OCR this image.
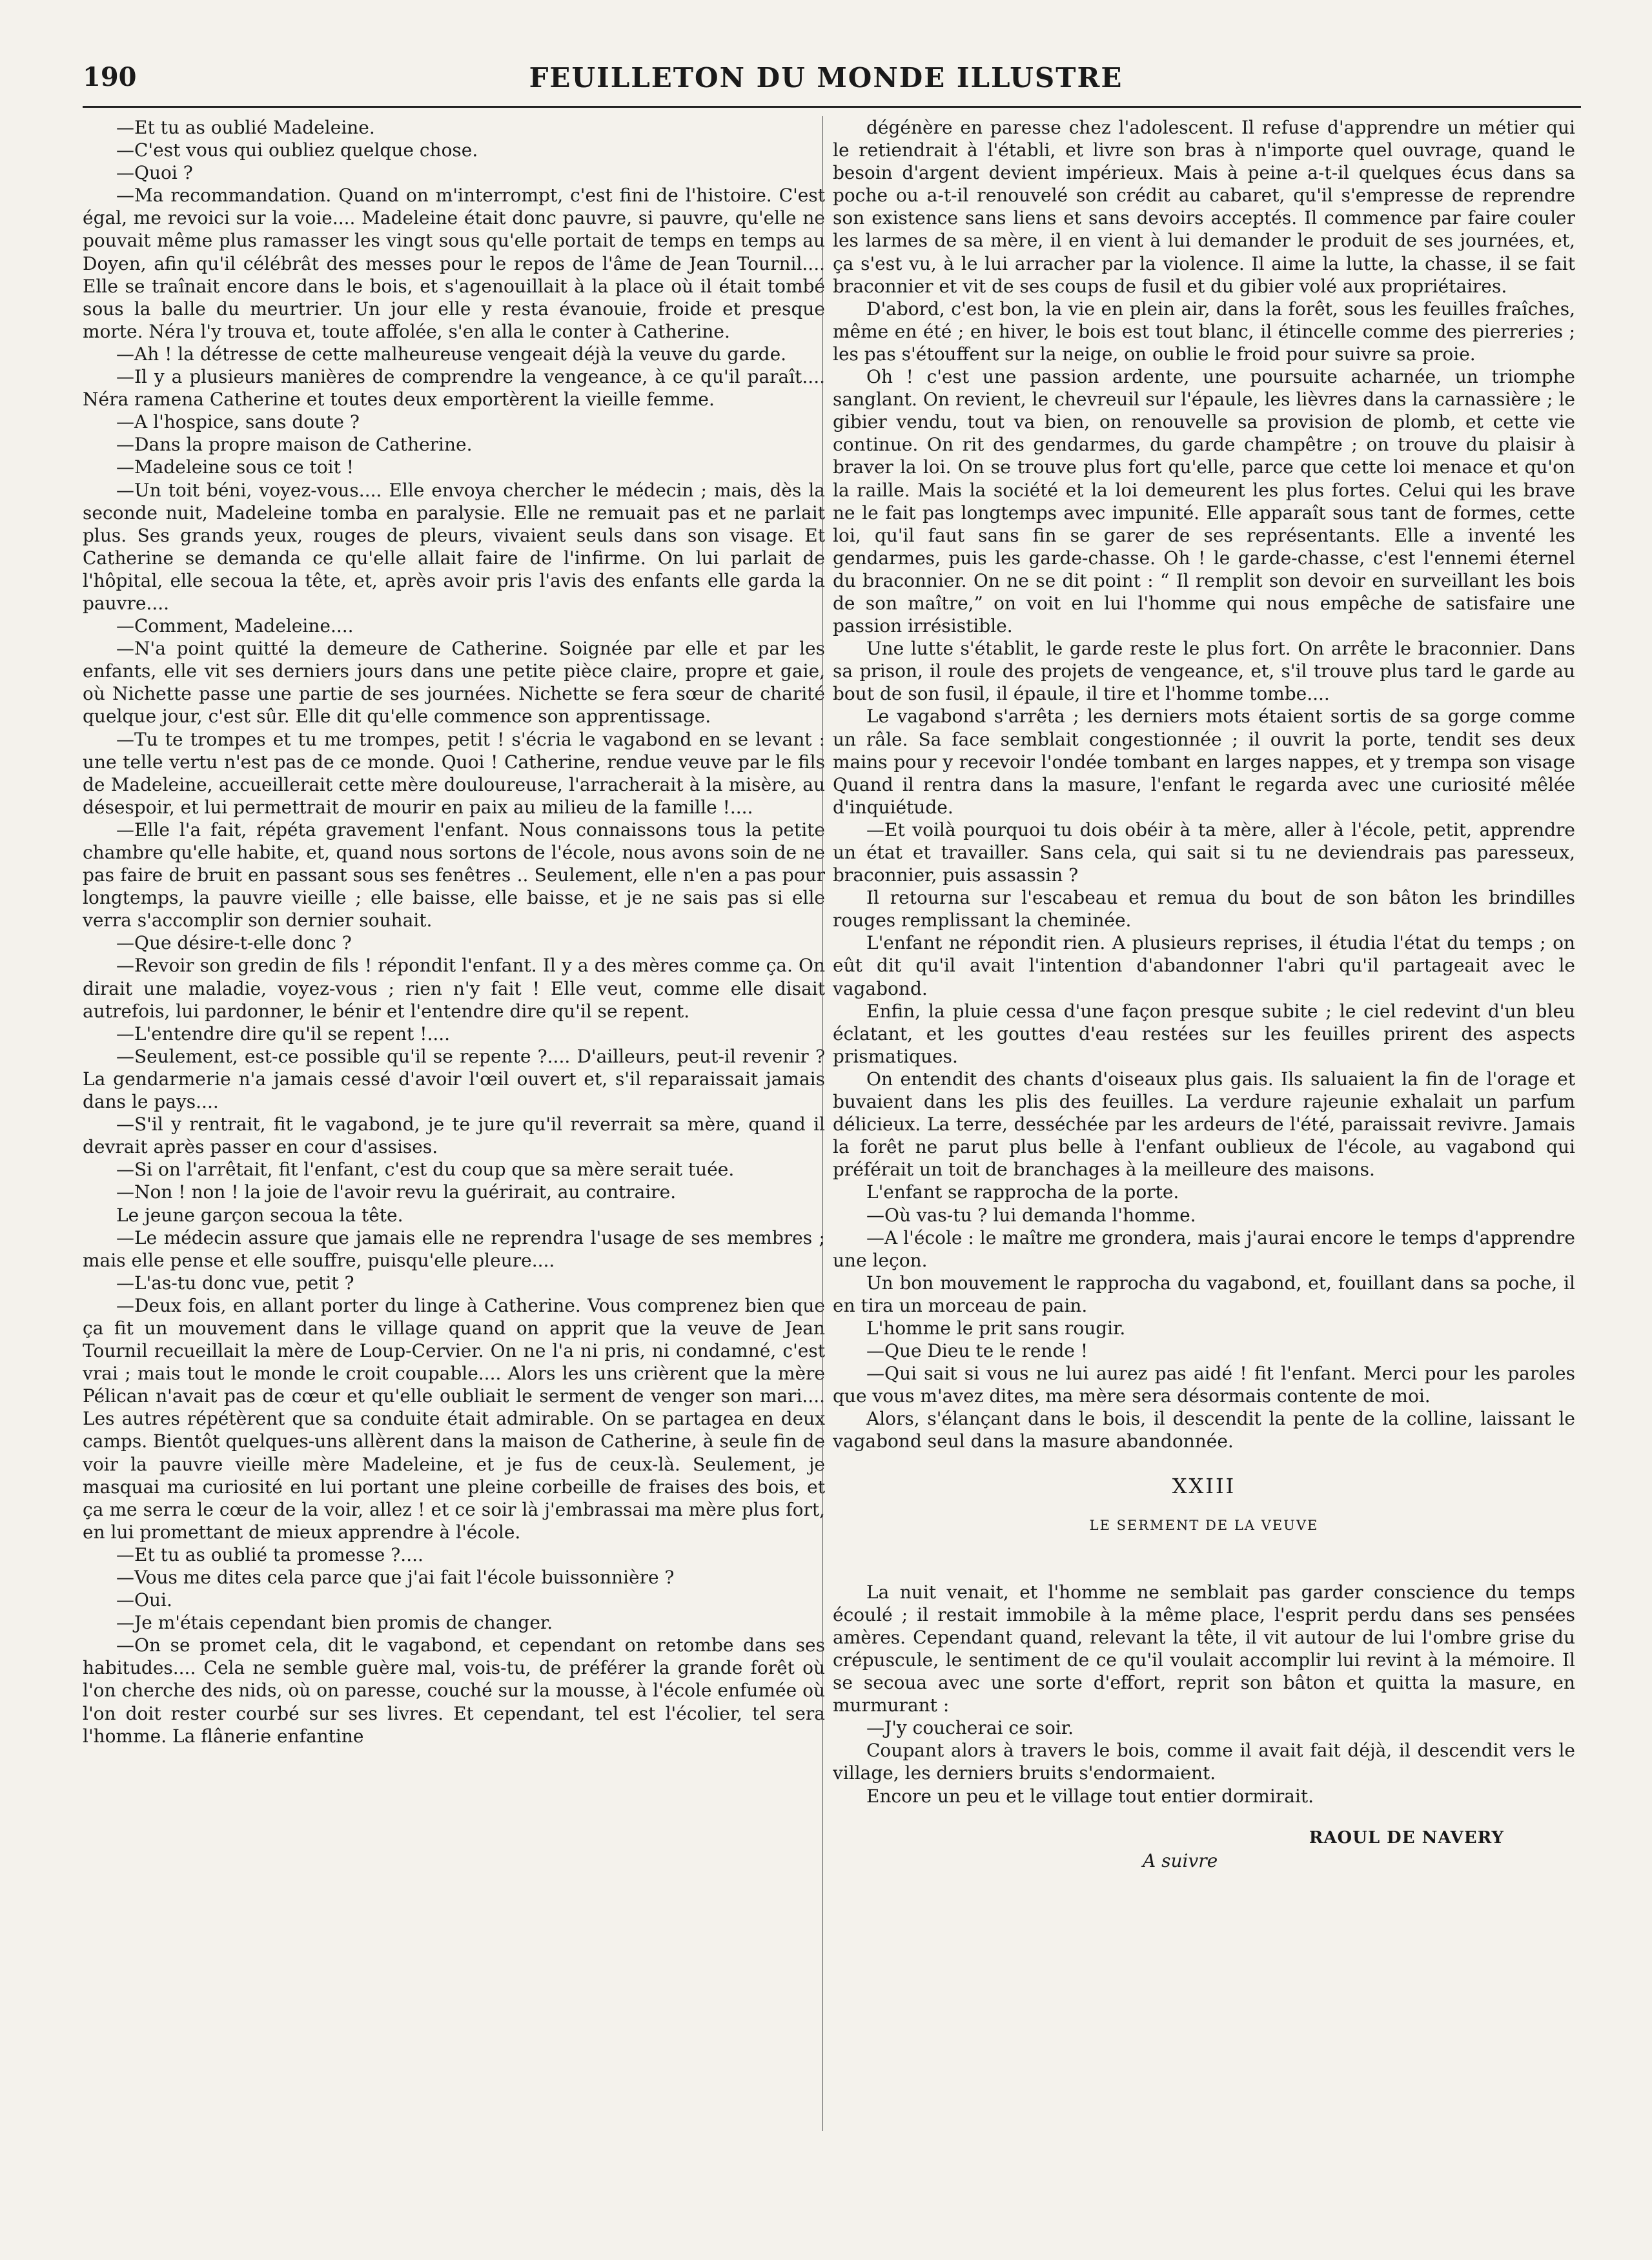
190	FEUILLETON DU MONDE ILLUSTRE

—Et tu as oublié Madeleine.

—C'est vous qui oubliez quelque chose.

—Quoi ?

—Ma recommandation. Quand on m'interrompt, c'est fini de l'histoire. C'est égal, me revoici sur la voie.... Madeleine était donc pauvre, si pauvre, qu'elle ne pouvait même plus ramasser les vingt sous qu'elle portait de temps en temps au Doyen, afin qu'il célébrât des messes pour le repos de l'âme de Jean Tournil.... Elle se traînait encore dans le bois, et s'agenouillait à la place où il était tombé sous la balle du meurtrier. Un jour elle y resta évanouie, froide et presque morte. Néra l'y trouva et, toute affolée, s'en alla le conter à Catherine.

—Ah ! la détresse de cette malheureuse vengeait déjà la veuve du garde.

—Il y a plusieurs manières de comprendre la vengeance, à ce qu'il paraît.... Néra ramena Catherine et toutes deux emportèrent la vieille femme.

—A l'hospice, sans doute ?

—Dans la propre maison de Catherine.

—Madeleine sous ce toit !

—Un toit béni, voyez-vous.... Elle envoya chercher le médecin ; mais, dès la seconde nuit, Madeleine tomba en paralysie. Elle ne remuait pas et ne parlait plus. Ses grands yeux, rouges de pleurs, vivaient seuls dans son visage. Et Catherine se demanda ce qu'elle allait faire de l'infirme. On lui parlait de l'hôpital, elle secoua la tête, et, après avoir pris l'avis des enfants elle garda la pauvre....

—Comment, Madeleine....

—N'a point quitté la demeure de Catherine. Soignée par elle et par les enfants, elle vit ses derniers jours dans une petite pièce claire, propre et gaie, où Nichette passe une partie de ses journées. Nichette se fera sœur de charité quelque jour, c'est sûr. Elle dit qu'elle commence son apprentissage.

—Tu te trompes et tu me trompes, petit ! s'écria le vagabond en se levant : une telle vertu n'est pas de ce monde. Quoi ! Catherine, rendue veuve par le fils de Madeleine, accueillerait cette mère douloureuse, l'arracherait à la misère, au désespoir, et lui permettrait de mourir en paix au milieu de la famille !....

—Elle l'a fait, répéta gravement l'enfant. Nous connaissons tous la petite chambre qu'elle habite, et, quand nous sortons de l'école, nous avons soin de ne pas faire de bruit en passant sous ses fenêtres .. Seulement, elle n'en a pas pour longtemps, la pauvre vieille ; elle baisse, elle baisse, et je ne sais pas si elle verra s'accomplir son dernier souhait.

—Que désire-t-elle donc ?

—Revoir son gredin de fils ! répondit l'enfant. Il y a des mères comme ça. On dirait une maladie, voyez-vous ; rien n'y fait ! Elle veut, comme elle disait autrefois, lui pardonner, le bénir et l'entendre dire qu'il se repent.

—L'entendre dire qu'il se repent !....

—Seulement, est-ce possible qu'il se repente ?.... D'ailleurs, peut-il revenir ? La gendarmerie n'a jamais cessé d'avoir l'œil ouvert et, s'il reparaissait jamais dans le pays....

—S'il y rentrait, fit le vagabond, je te jure qu'il reverrait sa mère, quand il devrait après passer en cour d'assises.

—Si on l'arrêtait, fit l'enfant, c'est du coup que sa mère serait tuée.

—Non ! non ! la joie de l'avoir revu la guérirait, au contraire.

Le jeune garçon secoua la tête.

—Le médecin assure que jamais elle ne reprendra l'usage de ses membres ; mais elle pense et elle souffre, puisqu'elle pleure....

—L'as-tu donc vue, petit ?

—Deux fois, en allant porter du linge à Catherine. Vous comprenez bien que ça fit un mouvement dans le village quand on apprit que la veuve de Jean Tournil recueillait la mère de Loup-Cervier. On ne l'a ni pris, ni condamné, c'est vrai ; mais tout le monde le croit coupable.... Alors les uns crièrent que la mère Pélican n'avait pas de cœur et qu'elle oubliait le serment de venger son mari.... Les autres répétèrent que sa conduite était admirable. On se partagea en deux camps. Bientôt quelques-uns allèrent dans la maison de Catherine, à seule fin de voir la pauvre vieille mère Madeleine, et je fus de ceux-là. Seulement, je masquai ma curiosité en lui portant une pleine corbeille de fraises des bois, et ça me serra le cœur de la voir, allez ! et ce soir là j'embrassai ma mère plus fort, en lui promettant de mieux apprendre à l'école.

—Et tu as oublié ta promesse ?....

—Vous me dites cela parce que j'ai fait l'école buissonnière ?

—Oui.

—Je m'étais cependant bien promis de changer.

—On se promet cela, dit le vagabond, et cependant on retombe dans ses habitudes.... Cela ne semble guère mal, vois-tu, de préférer la grande forêt où l'on cherche des nids, où on paresse, couché sur la mousse, à l'école enfumée où l'on doit rester courbé sur ses livres. Et cependant, tel est l'écolier, tel sera l'homme. La flânerie enfantine

dégénère en paresse chez l'adolescent. Il refuse d'apprendre un métier qui le retiendrait à l'établi, et livre son bras à n'importe quel ouvrage, quand le besoin d'argent devient impérieux. Mais à peine a-t-il quelques écus dans sa poche ou a-t-il renouvelé son crédit au cabaret, qu'il s'empresse de reprendre son existence sans liens et sans devoirs acceptés. Il commence par faire couler les larmes de sa mère, il en vient à lui demander le produit de ses journées, et, ça s'est vu, à le lui arracher par la violence. Il aime la lutte, la chasse, il se fait braconnier et vit de ses coups de fusil et du gibier volé aux propriétaires.

D'abord, c'est bon, la vie en plein air, dans la forêt, sous les feuilles fraîches, même en été ; en hiver, le bois est tout blanc, il étincelle comme des pierreries ; les pas s'étouffent sur la neige, on oublie le froid pour suivre sa proie.

Oh ! c'est une passion ardente, une poursuite acharnée, un triomphe sanglant. On revient, le chevreuil sur l'épaule, les lièvres dans la carnassière ; le gibier vendu, tout va bien, on renouvelle sa provision de plomb, et cette vie continue. On rit des gendarmes, du garde champêtre ; on trouve du plaisir à braver la loi. On se trouve plus fort qu'elle, parce que cette loi menace et qu'on la raille. Mais la société et la loi demeurent les plus fortes. Celui qui les brave ne le fait pas longtemps avec impunité. Elle apparaît sous tant de formes, cette loi, qu'il faut sans fin se garer de ses représentants. Elle a inventé les gendarmes, puis les garde-chasse. Oh ! le garde-chasse, c'est l'ennemi éternel du braconnier. On ne se dit point : “ Il remplit son devoir en surveillant les bois de son maître,” on voit en lui l'homme qui nous empêche de satisfaire une passion irrésistible.

Une lutte s'établit, le garde reste le plus fort. On arrête le braconnier. Dans sa prison, il roule des projets de vengeance, et, s'il trouve plus tard le garde au bout de son fusil, il épaule, il tire et l'homme tombe....

Le vagabond s'arrêta ; les derniers mots étaient sortis de sa gorge comme un râle. Sa face semblait congestionnée ; il ouvrit la porte, tendit ses deux mains pour y recevoir l'ondée tombant en larges nappes, et y trempa son visage Quand il rentra dans la masure, l'enfant le regarda avec une curiosité mêlée d'inquiétude.

—Et voilà pourquoi tu dois obéir à ta mère, aller à l'école, petit, apprendre un état et travailler. Sans cela, qui sait si tu ne deviendrais pas paresseux, braconnier, puis assassin ?

Il retourna sur l'escabeau et remua du bout de son bâton les brindilles rouges remplissant la cheminée.

L'enfant ne répondit rien. A plusieurs reprises, il étudia l'état du temps ; on eût dit qu'il avait l'intention d'abandonner l'abri qu'il partageait avec le vagabond.

Enfin, la pluie cessa d'une façon presque subite ; le ciel redevint d'un bleu éclatant, et les gouttes d'eau restées sur les feuilles prirent des aspects prismatiques.

On entendit des chants d'oiseaux plus gais. Ils saluaient la fin de l'orage et buvaient dans les plis des feuilles. La verdure rajeunie exhalait un parfum délicieux. La terre, desséchée par les ardeurs de l'été, paraissait revivre. Jamais la forêt ne parut plus belle à l'enfant oublieux de l'école, au vagabond qui préférait un toit de branchages à la meilleure des maisons.

L'enfant se rapprocha de la porte.

—Où vas-tu ? lui demanda l'homme.

—A l'école : le maître me grondera, mais j'aurai encore le temps d'apprendre une leçon.

Un bon mouvement le rapprocha du vagabond, et, fouillant dans sa poche, il en tira un morceau de pain.

L'homme le prit sans rougir.

—Que Dieu te le rende !

—Qui sait si vous ne lui aurez pas aidé ! fit l'enfant. Merci pour les paroles que vous m'avez dites, ma mère sera désormais contente de moi.

Alors, s'élançant dans le bois, il descendit la pente de la colline, laissant le vagabond seul dans la masure abandonnée.

XXIII

LE SERMENT DE LA VEUVE

La nuit venait, et l'homme ne semblait pas garder conscience du temps écoulé ; il restait immobile à la même place, l'esprit perdu dans ses pensées amères. Cependant quand, relevant la tête, il vit autour de lui l'ombre grise du crépuscule, le sentiment de ce qu'il voulait accomplir lui revint à la mémoire. Il se secoua avec une sorte d'effort, reprit son bâton et quitta la masure, en murmurant :

—J'y coucherai ce soir.

Coupant alors à travers le bois, comme il avait fait déjà, il descendit vers le village, les derniers bruits s'endormaient.

Encore un peu et le village tout entier dormirait.

RAOUL DE NAVERY

A suivre
